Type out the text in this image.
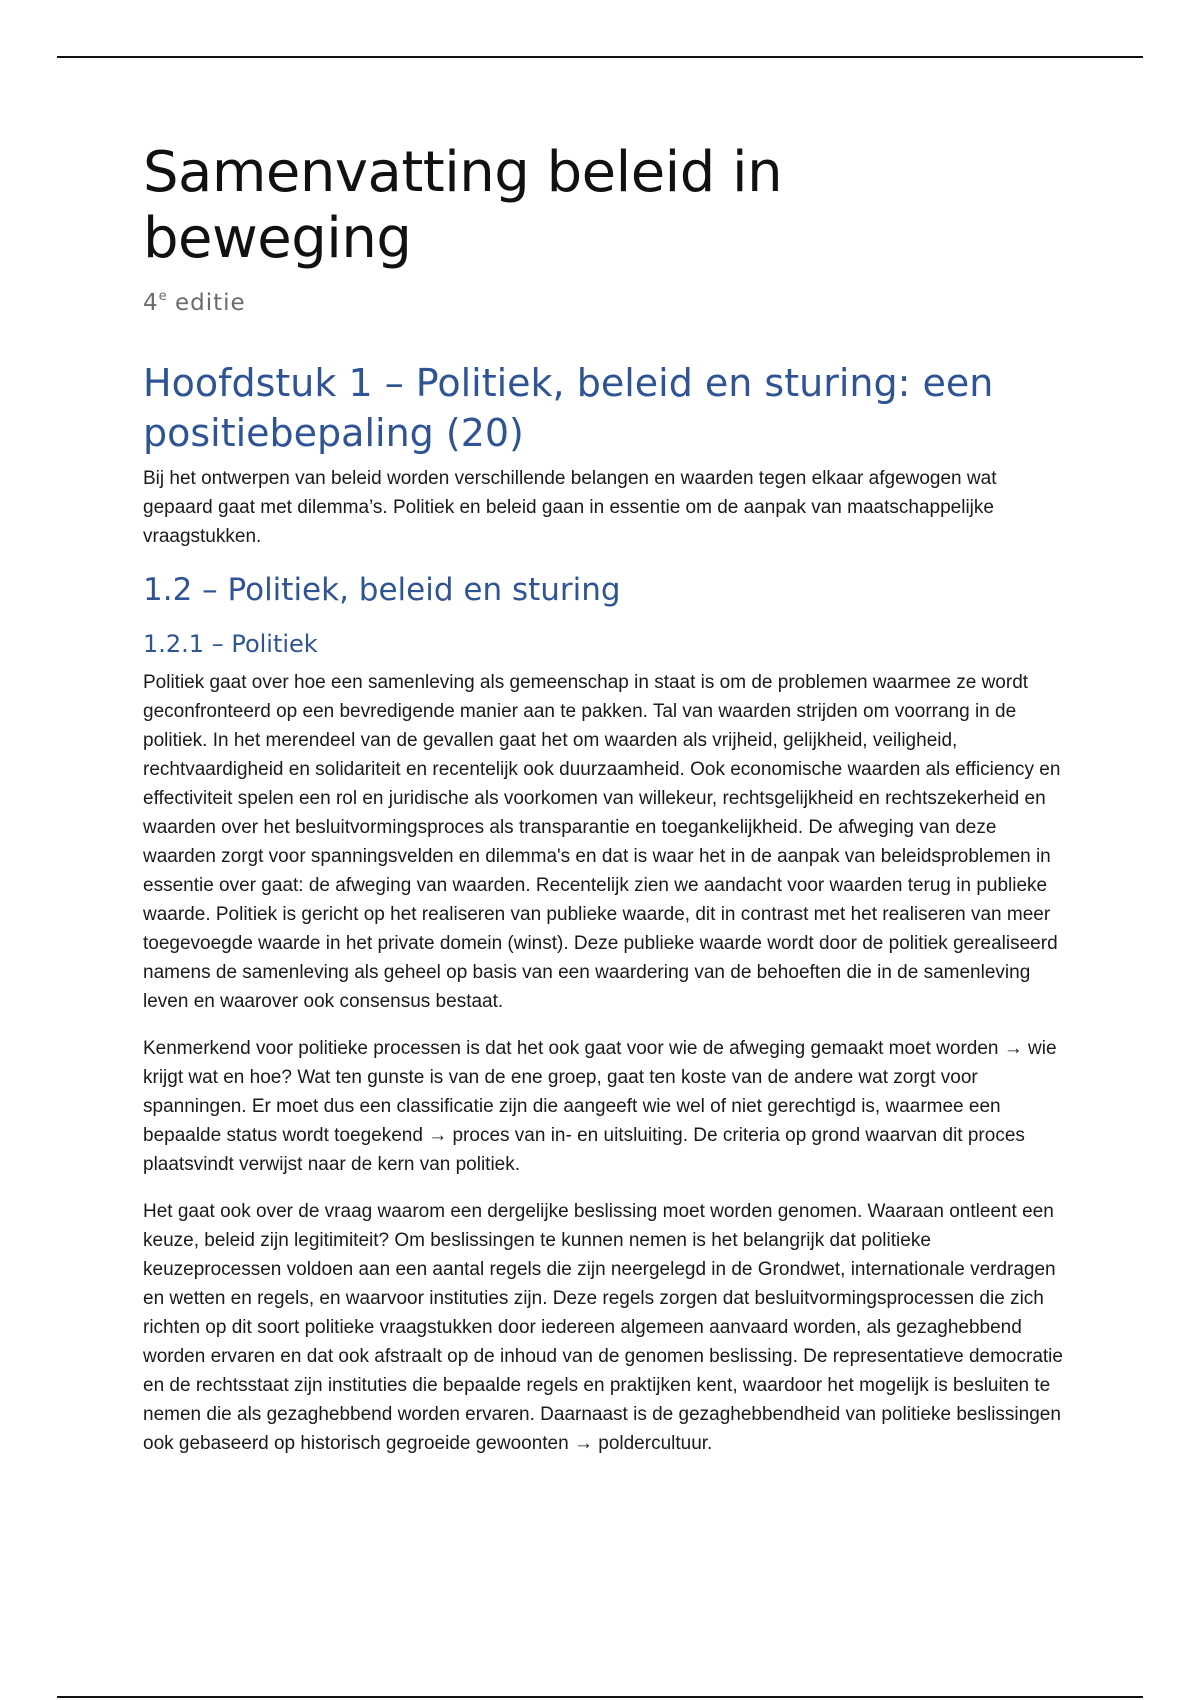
Samenvatting beleid in beweging
4e editie
Hoofdstuk 1 – Politiek, beleid en sturing: een positiebepaling (20)

Bij het ontwerpen van beleid worden verschillende belangen en waarden tegen elkaar afgewogen wat gepaard gaat met dilemma’s. Politiek en beleid gaan in essentie om de aanpak van maatschappelijke vraagstukken.

1.2 – Politiek, beleid en sturing
1.2.1 – Politiek

Politiek gaat over hoe een samenleving als gemeenschap in staat is om de problemen waarmee ze wordt geconfronteerd op een bevredigende manier aan te pakken. Tal van waarden strijden om voorrang in de politiek. In het merendeel van de gevallen gaat het om waarden als vrijheid, gelijkheid, veiligheid, rechtvaardigheid en solidariteit en recentelijk ook duurzaamheid. Ook economische waarden als efficiency en effectiviteit spelen een rol en juridische als voorkomen van willekeur, rechtsgelijkheid en rechtszekerheid en waarden over het besluitvormingsproces als transparantie en toegankelijkheid. De afweging van deze waarden zorgt voor spanningsvelden en dilemma's en dat is waar het in de aanpak van beleidsproblemen in essentie over gaat: de afweging van waarden. Recentelijk zien we aandacht voor waarden terug in publieke waarde. Politiek is gericht op het realiseren van publieke waarde, dit in contrast met het realiseren van meer toegevoegde waarde in het private domein (winst). Deze publieke waarde wordt door de politiek gerealiseerd namens de samenleving als geheel op basis van een waardering van de behoeften die in de samenleving leven en waarover ook consensus bestaat.

Kenmerkend voor politieke processen is dat het ook gaat voor wie de afweging gemaakt moet worden → wie krijgt wat en hoe? Wat ten gunste is van de ene groep, gaat ten koste van de andere wat zorgt voor spanningen. Er moet dus een classificatie zijn die aangeeft wie wel of niet gerechtigd is, waarmee een bepaalde status wordt toegekend → proces van in- en uitsluiting. De criteria op grond waarvan dit proces plaatsvindt verwijst naar de kern van politiek.

Het gaat ook over de vraag waarom een dergelijke beslissing moet worden genomen. Waaraan ontleent een keuze, beleid zijn legitimiteit? Om beslissingen te kunnen nemen is het belangrijk dat politieke keuzeprocessen voldoen aan een aantal regels die zijn neergelegd in de Grondwet, internationale verdragen en wetten en regels, en waarvoor instituties zijn. Deze regels zorgen dat besluitvormingsprocessen die zich richten op dit soort politieke vraagstukken door iedereen algemeen aanvaard worden, als gezaghebbend worden ervaren en dat ook afstraalt op de inhoud van de genomen beslissing. De representatieve democratie en de rechtsstaat zijn instituties die bepaalde regels en praktijken kent, waardoor het mogelijk is besluiten te nemen die als gezaghebbend worden ervaren. Daarnaast is de gezaghebbendheid van politieke beslissingen ook gebaseerd op historisch gegroeide gewoonten → poldercultuur.
